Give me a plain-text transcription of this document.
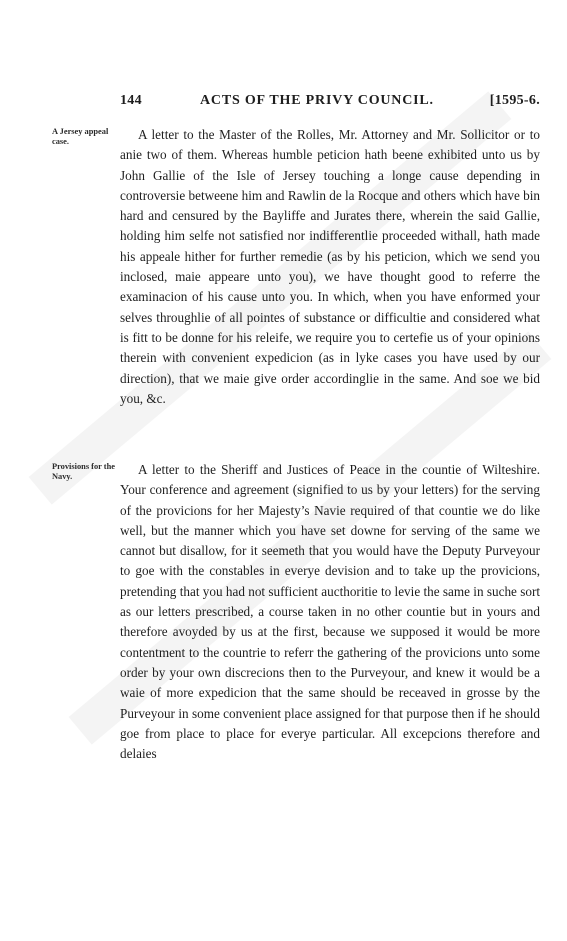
144	ACTS OF THE PRIVY COUNCIL.	[1595-6.
A Jersey appeal case.	A letter to the Master of the Rolles, Mr. Attorney and Mr. Sollicitor or to anie two of them. Whereas humble peticion hath beene exhibited unto us by John Gallie of the Isle of Jersey touching a longe cause depending in controversie betweene him and Rawlin de la Rocque and others which have bin hard and censured by the Bayliffe and Jurates there, wherein the said Gallie, holding him selfe not satisfied nor indifferentlie proceeded withall, hath made his appeale hither for further remedie (as by his peticion, which we send you inclosed, maie appeare unto you), we have thought good to referre the examinacion of his cause unto you. In which, when you have enformed your selves throughlie of all pointes of substance or difficultie and considered what is fitt to be donne for his releife, we require you to certefie us of your opinions therein with convenient expedicion (as in lyke cases you have used by our direction), that we maie give order accordinglie in the same. And soe we bid you, &c.
Provisions for the Navy.	A letter to the Sheriff and Justices of Peace in the countie of Wilteshire. Your conference and agreement (signified to us by your letters) for the serving of the provicions for her Majesty’s Navie required of that countie we do like well, but the manner which you have set downe for serving of the same we cannot but disallow, for it seemeth that you would have the Deputy Purveyour to goe with the constables in everye devision and to take up the provicions, pretending that you had not sufficient aucthoritie to levie the same in suche sort as our letters prescribed, a course taken in no other countie but in yours and therefore avoyded by us at the first, because we supposed it would be more contentment to the countrie to referr the gathering of the provicions unto some order by your own discrecions then to the Purveyour, and knew it would be a waie of more expedicion that the same should be receaved in grosse by the Purveyour in some convenient place assigned for that purpose then if he should goe from place to place for everye particular. All excepcions therefore and delaies
